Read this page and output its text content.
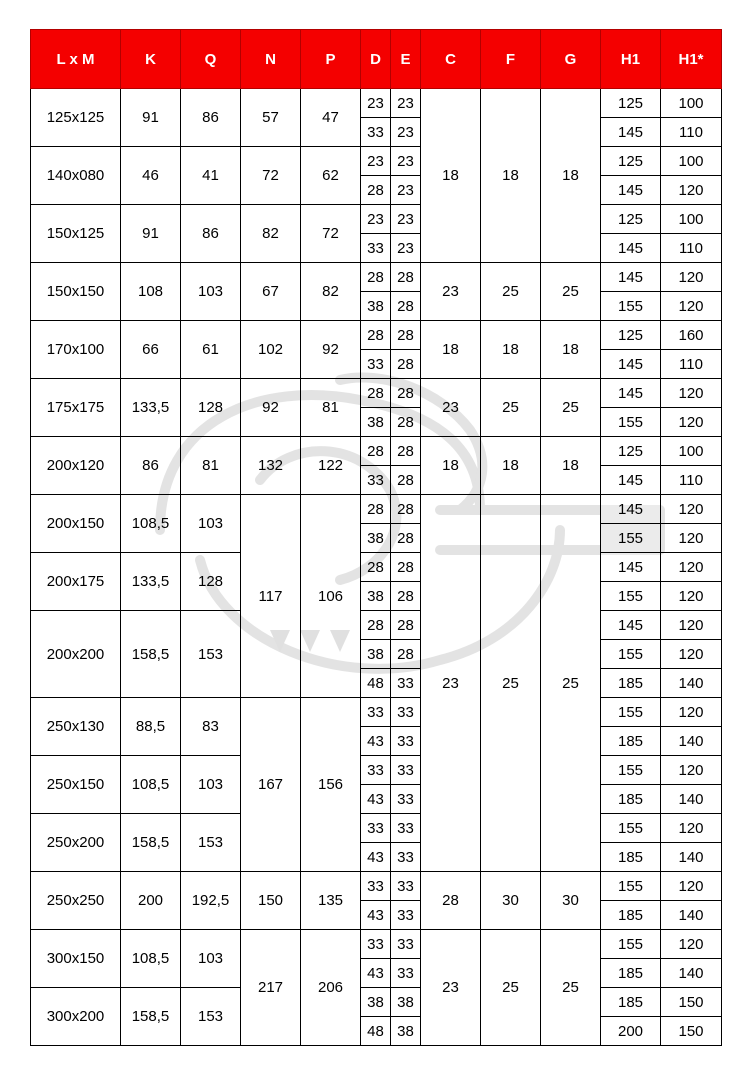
L x M	K	Q	N	P	D	E	C	F	G	H1	H1*
125x125	91	86	57	47	23	23	18	18	18	125	100
					33	23				145	110
140x080	46	41	72	62	23	23				125	100
					28	23				145	120
150x125	91	86	82	72	23	23				125	100
					33	23				145	110
150x150	108	103	67	82	28	28	23	25	25	145	120
					38	28				155	120
170x100	66	61	102	92	28	28	18	18	18	125	160
					33	28				145	110
175x175	133,5	128	92	81	28	28	23	25	25	145	120
					38	28				155	120
200x120	86	81	132	122	28	28	18	18	18	125	100
					33	28				145	110
200x150	108,5	103	117	106	28	28	23	25	25	145	120
					38	28				155	120
200x175	133,5	128			28	28				145	120
					38	28				155	120
200x200	158,5	153			28	28				145	120
					38	28				155	120
					48	33				185	140
250x130	88,5	83	167	156	33	33				155	120
					43	33				185	140
250x150	108,5	103			33	33				155	120
					43	33				185	140
250x200	158,5	153			33	33				155	120
					43	33				185	140
250x250	200	192,5	150	135	33	33	28	30	30	155	120
					43	33				185	140
300x150	108,5	103	217	206	33	33	23	25	25	155	120
					43	33				185	140
300x200	158,5	153			38	38				185	150
					48	38				200	150
